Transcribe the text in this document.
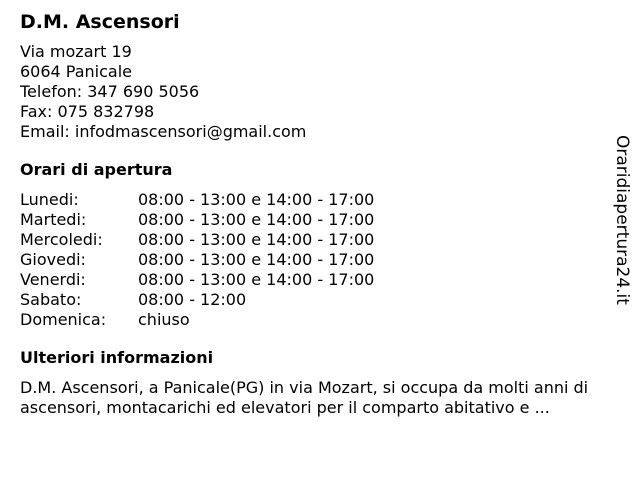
D.M. Ascensori
Via mozart 19
6064 Panicale
Telefon: 347 690 5056
Fax: 075 832798
Email: infodmascensori@gmail.com
Orari di apertura
Lunedi:	08:00 - 13:00 e 14:00 - 17:00
Martedi:	08:00 - 13:00 e 14:00 - 17:00
Mercoledi:	08:00 - 13:00 e 14:00 - 17:00
Giovedi:	08:00 - 13:00 e 14:00 - 17:00
Venerdi:	08:00 - 13:00 e 14:00 - 17:00
Sabato:	08:00 - 12:00
Domenica:	chiuso
Ulteriori informazioni

D.M. Ascensori, a Panicale(PG) in via Mozart, si occupa da molti anni di ascensori, montacarichi ed elevatori per il comparto abitativo e ...

Oraridiapertura24.it
